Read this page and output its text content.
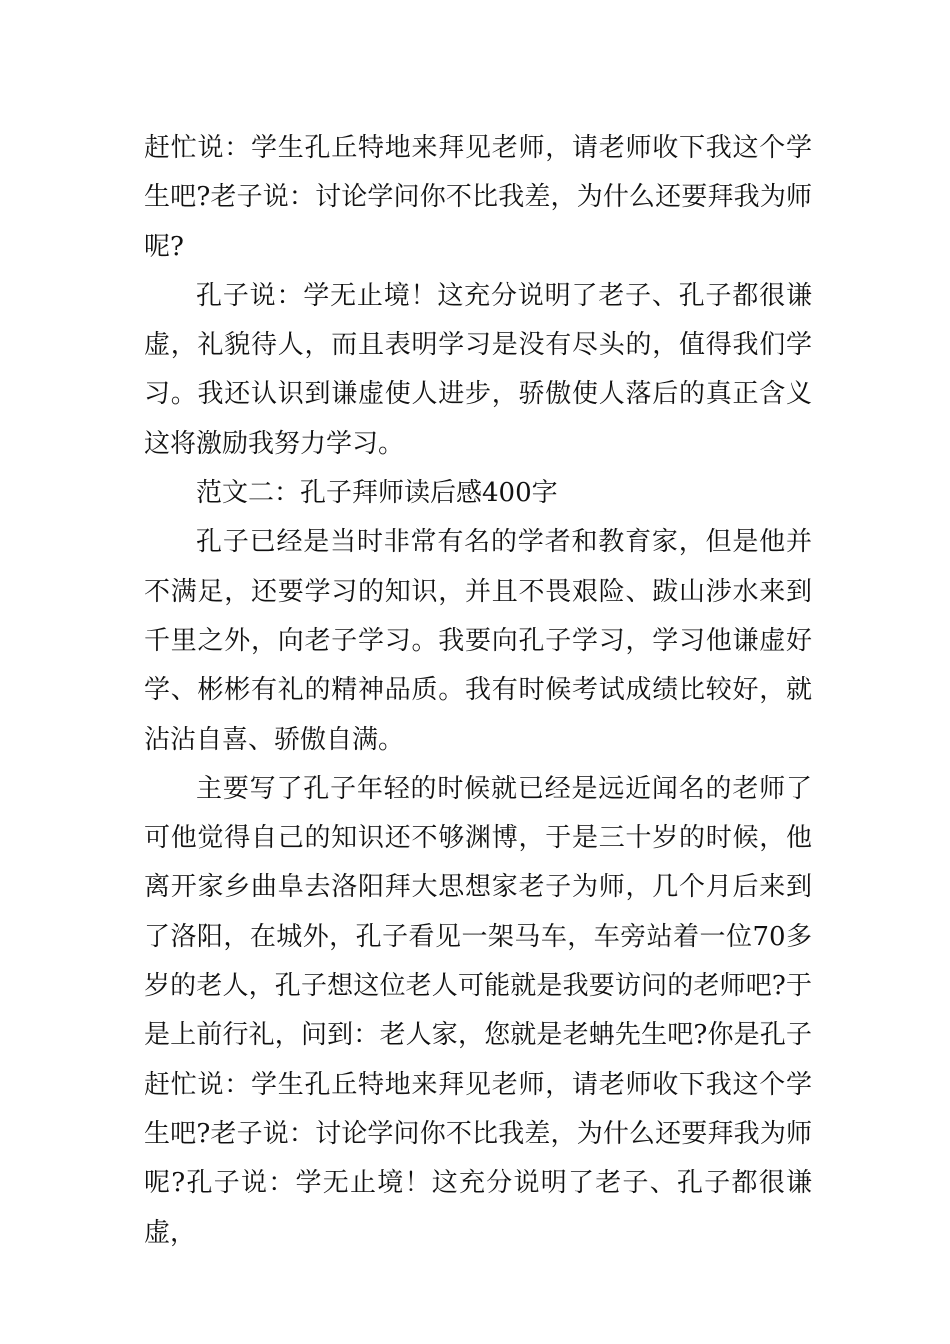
赶忙说：学生孔丘特地来拜见老师，请老师收下我这个学生吧?老子说：讨论学问你不比我差，为什么还要拜我为师呢?

孔子说：学无止境！这充分说明了老子、孔子都很谦虚，礼貌待人，而且表明学习是没有尽头的，值得我们学习。我还认识到谦虚使人进步，骄傲使人落后的真正含义这将激励我努力学习。

范文二：孔子拜师读后感400字

孔子已经是当时非常有名的学者和教育家，但是他并不满足，还要学习的知识，并且不畏艰险、跋山涉水来到千里之外，向老子学习。我要向孔子学习，学习他谦虚好学、彬彬有礼的精神品质。我有时候考试成绩比较好，就沾沾自喜、骄傲自满。

主要写了孔子年轻的时候就已经是远近闻名的老师了可他觉得自己的知识还不够渊博，于是三十岁的时候，他离开家乡曲阜去洛阳拜大思想家老子为师，几个月后来到了洛阳，在城外，孔子看见一架马车，车旁站着一位70多岁的老人，孔子想这位老人可能就是我要访问的老师吧?于是上前行礼，问到：老人家，您就是老蚺先生吧?你是孔子赶忙说：学生孔丘特地来拜见老师，请老师收下我这个学生吧?老子说：讨论学问你不比我差，为什么还要拜我为师呢?孔子说：学无止境！这充分说明了老子、孔子都很谦虚，
